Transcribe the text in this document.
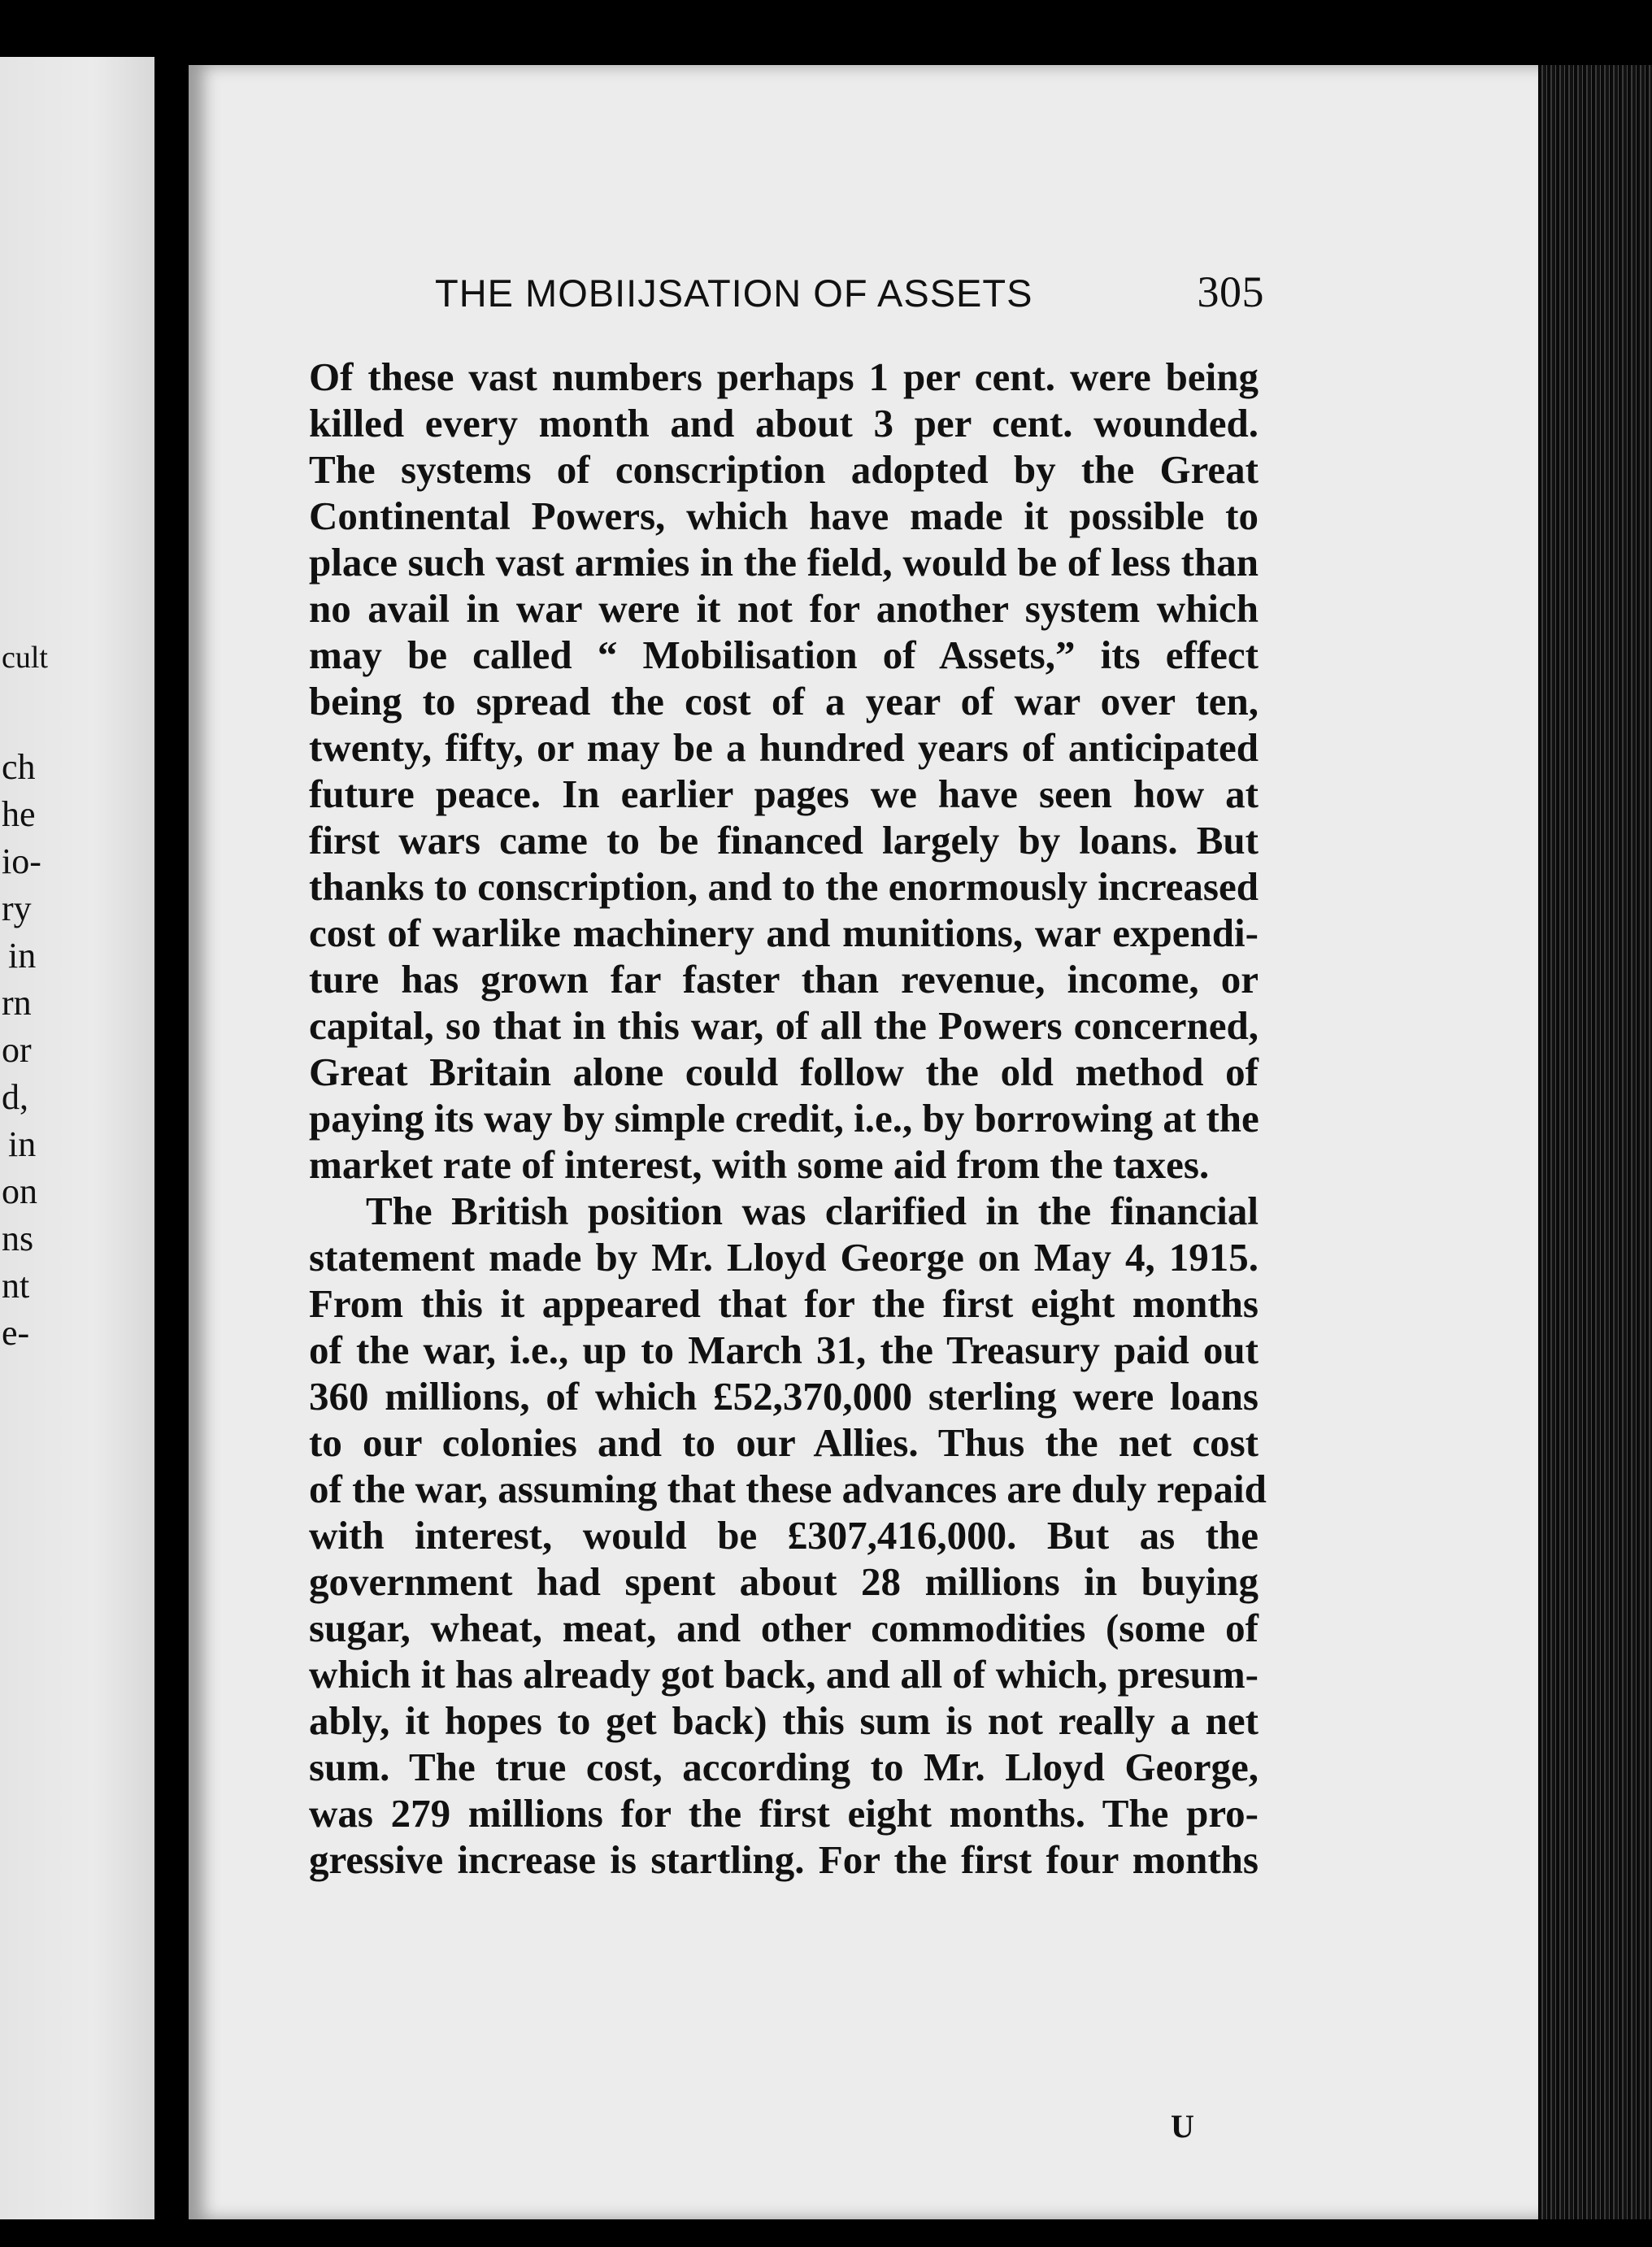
cult
ch
he
io-
ry
in
rn
or
d,
in
on
ns
nt
e-
THE MOBIIJSATION OF ASSETS	305
Of these vast numbers perhaps 1 per cent. were being
killed every month and about 3 per cent. wounded.
The systems of conscription adopted by the Great
Continental Powers, which have made it possible to
place such vast armies in the field, would be of less than
no avail in war were it not for another system which
may be called “ Mobilisation of Assets,” its effect
being to spread the cost of a year of war over ten,
twenty, fifty, or may be a hundred years of anticipated
future peace. In earlier pages we have seen how at
first wars came to be financed largely by loans. But
thanks to conscription, and to the enormously increased
cost of warlike machinery and munitions, war expendi-
ture has grown far faster than revenue, income, or
capital, so that in this war, of all the Powers concerned,
Great Britain alone could follow the old method of
paying its way by simple credit, i.e., by borrowing at the
market rate of interest, with some aid from the taxes.
The British position was clarified in the financial
statement made by Mr. Lloyd George on May 4, 1915.
From this it appeared that for the first eight months
of the war, i.e., up to March 31, the Treasury paid out
360 millions, of which £52,370,000 sterling were loans
to our colonies and to our Allies. Thus the net cost
of the war, assuming that these advances are duly repaid
with interest, would be £307,416,000. But as the
government had spent about 28 millions in buying
sugar, wheat, meat, and other commodities (some of
which it has already got back, and all of which, presum-
ably, it hopes to get back) this sum is not really a net
sum. The true cost, according to Mr. Lloyd George,
was 279 millions for the first eight months. The pro-
gressive increase is startling. For the first four months
U
